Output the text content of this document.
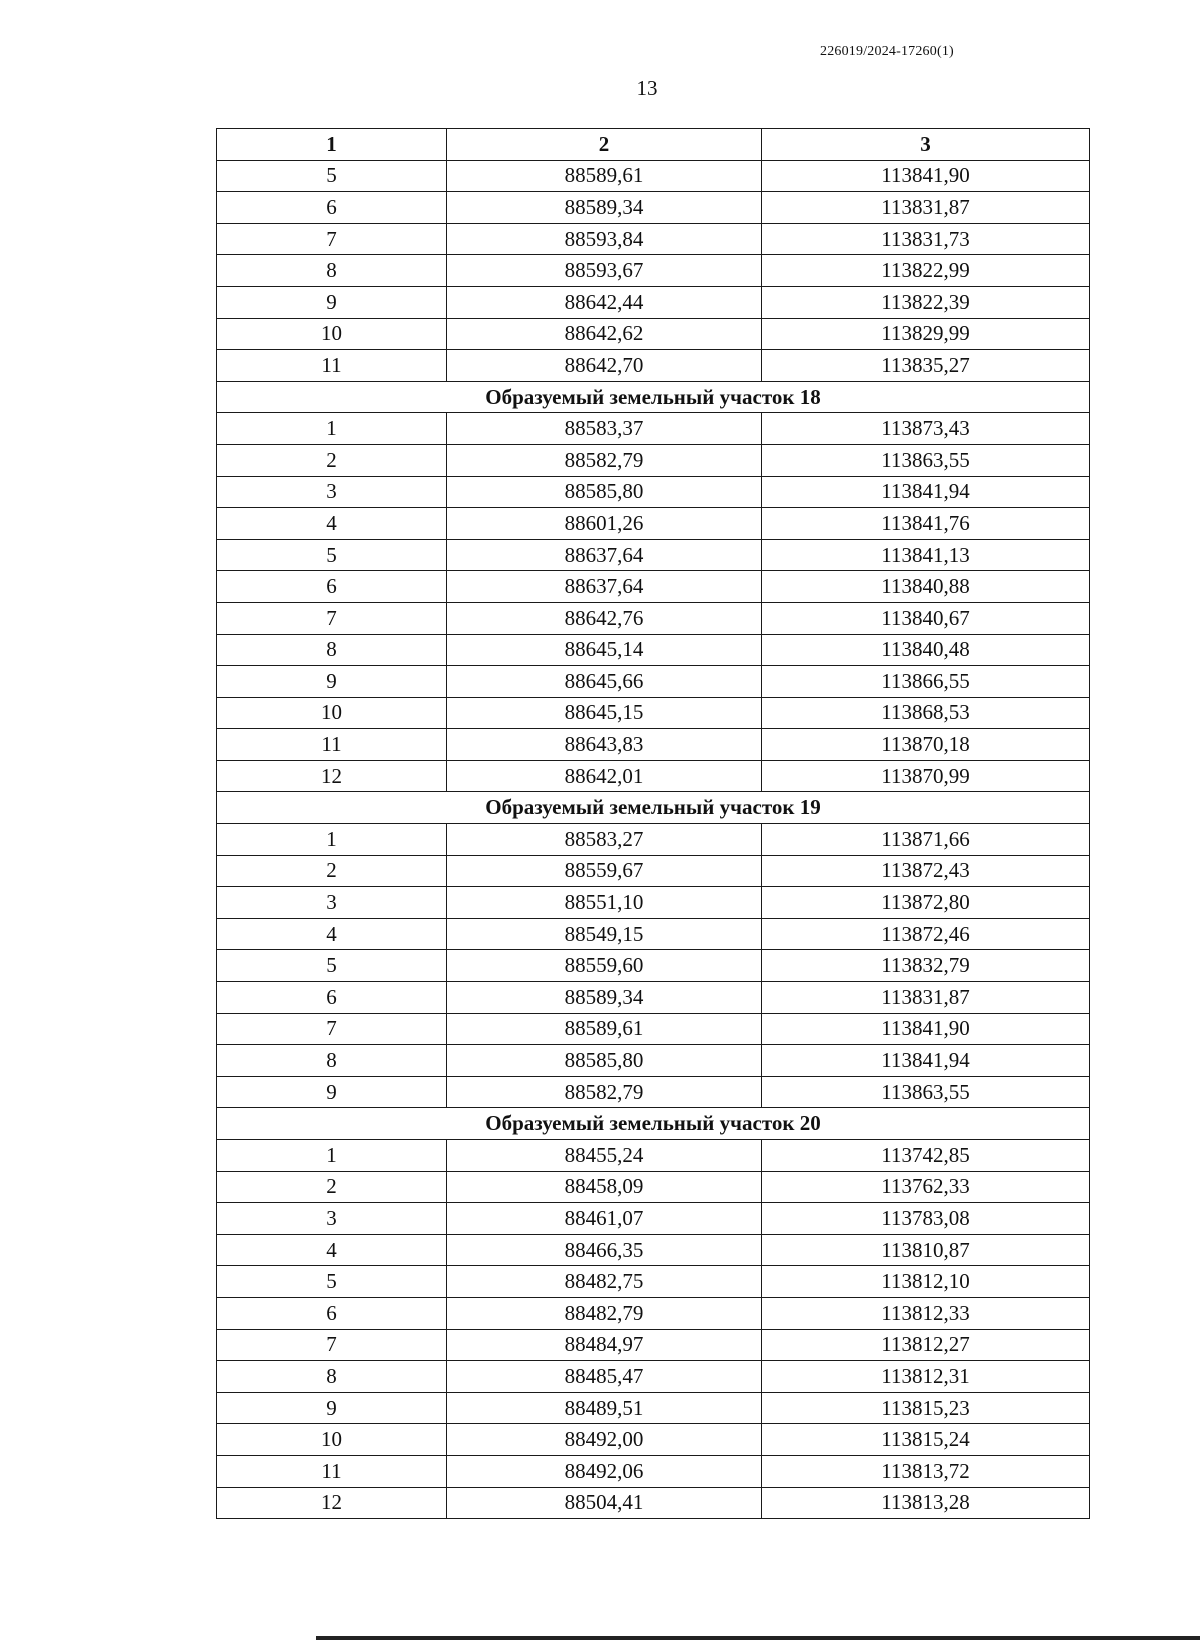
226019/2024-17260(1)
13
1	2	3
5	88589,61	113841,90
6	88589,34	113831,87
7	88593,84	113831,73
8	88593,67	113822,99
9	88642,44	113822,39
10	88642,62	113829,99
11	88642,70	113835,27
Образуемый земельный участок 18		
1	88583,37	113873,43
2	88582,79	113863,55
3	88585,80	113841,94
4	88601,26	113841,76
5	88637,64	113841,13
6	88637,64	113840,88
7	88642,76	113840,67
8	88645,14	113840,48
9	88645,66	113866,55
10	88645,15	113868,53
11	88643,83	113870,18
12	88642,01	113870,99
Образуемый земельный участок 19		
1	88583,27	113871,66
2	88559,67	113872,43
3	88551,10	113872,80
4	88549,15	113872,46
5	88559,60	113832,79
6	88589,34	113831,87
7	88589,61	113841,90
8	88585,80	113841,94
9	88582,79	113863,55
Образуемый земельный участок 20		
1	88455,24	113742,85
2	88458,09	113762,33
3	88461,07	113783,08
4	88466,35	113810,87
5	88482,75	113812,10
6	88482,79	113812,33
7	88484,97	113812,27
8	88485,47	113812,31
9	88489,51	113815,23
10	88492,00	113815,24
11	88492,06	113813,72
12	88504,41	113813,28
